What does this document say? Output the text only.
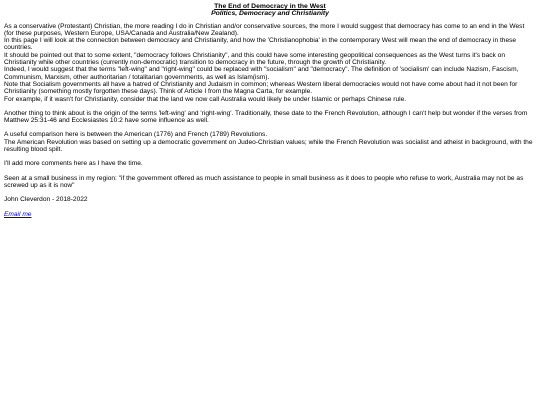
The End of Democracy in the West
Politics, Democracy and Christianity

As a conservative (Protestant) Christian, the more reading I do in Christian and/or conservative sources, the more I would suggest that democracy has come to an end in the West (for these purposes, Western Europe, USA/Canada and Australia/New Zealand).
In this page I will look at the connection between democracy and Christianity, and how the 'Christianophobia' in the contemporary West will mean the end of democracy in these countries.
It should be pointed out that to some extent, "democracy follows Christianity", and this could have some interesting geopolitical consequences as the West turns it's back on Christianity while other countries (currently non-democratic) transition to democracy in the future, through the growth of Christianity.
Indeed, I would suggest that the terms "left-wing" and "right-wing" could be replaced with "socialism" and "democracy". The definition of 'socialism' can include Nazism, Fascism, Communism, Marxism, other authoritarian / totalitarian governments, as well as Islam(ism).
Note that Socialism governments all have a hatred of Christianity and Judaism in common; whereas Western liberal democracies would not have come about had it not been for Christianity (something mostly forgotten these days). Think of Article I from the Magna Carta, for example.
For example, if it wasn't for Christianity, consider that the land we now call Australia would likely be under Islamic or perhaps Chinese rule.

Another thing to think about is the origin of the terms 'left-wing' and 'right-wing'. Traditionally, these date to the French Revolution, although I can't help but wonder if the verses from Matthew 25:31-46 and Ecclesiastes 10:2 have some influence as well.

A useful comparison here is between the American (1776) and French (1789) Revolutions.
The American Revolution was based on setting up a democratic government on Judeo-Christian values; while the French Revolution was socialist and atheist in background, with the resulting blood spilt.

I'll add more comments here as I have the time.

Seen at a small business in my region: "if the government offered as much assistance to people in small business as it does to people who refuse to work, Australia may not be as screwed up as it is now"

John Cleverdon - 2018-2022

Email me
